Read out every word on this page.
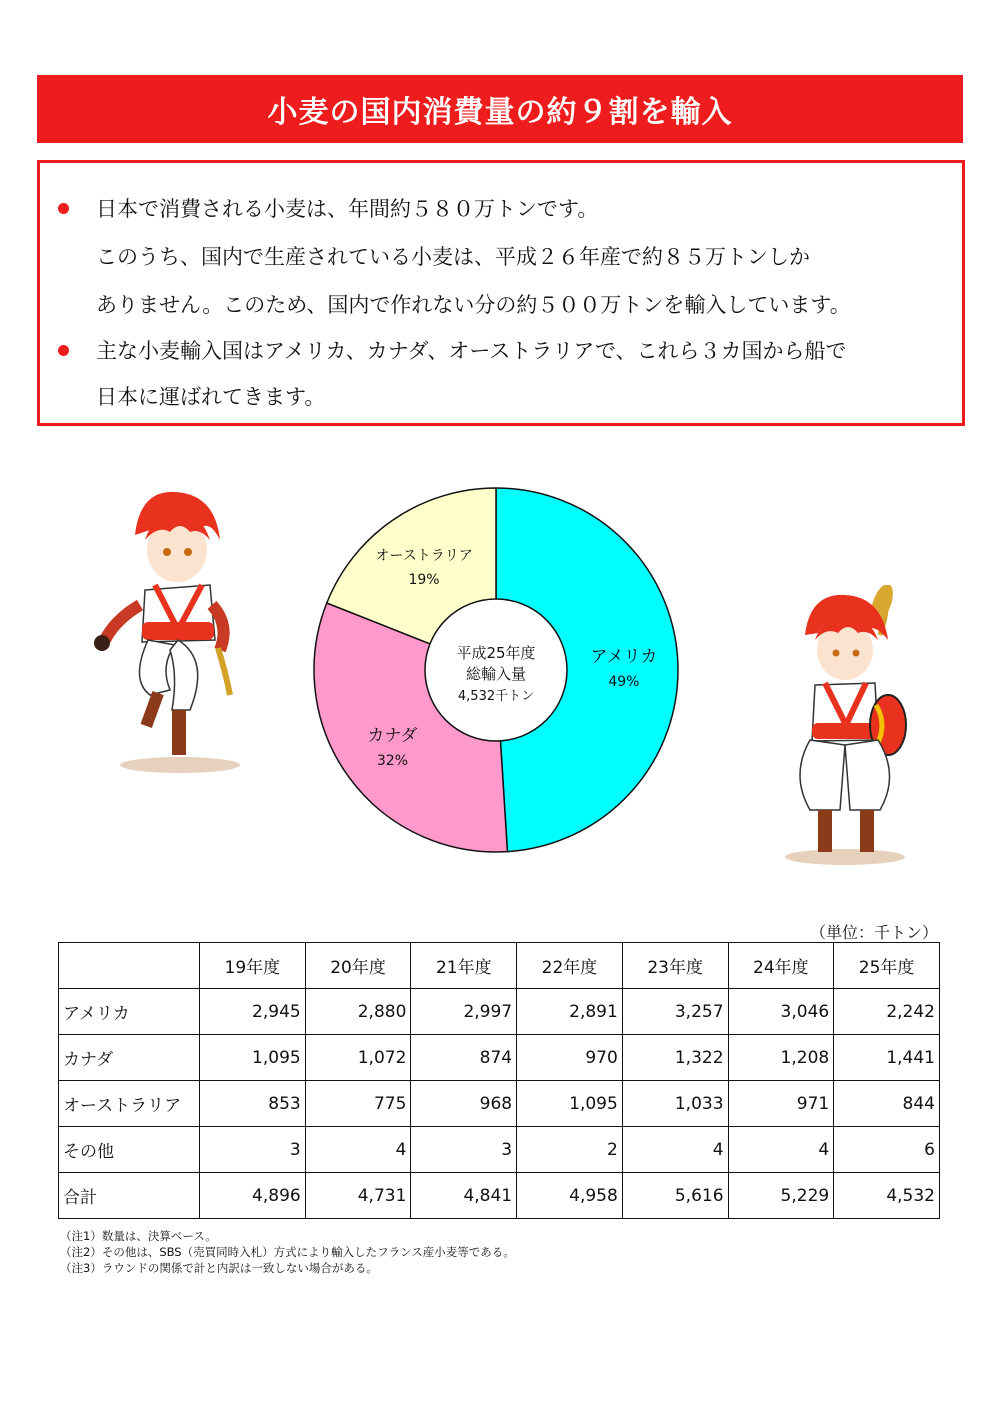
小麦の国内消費量の約９割を輸入
日本で消費される小麦は、年間約５８０万トンです。
このうち、国内で生産されている小麦は、平成２６年産で約８５万トンしか
ありません。このため、国内で作れない分の約５００万トンを輸入しています。
主な小麦輸入国はアメリカ、カナダ、オーストラリアで、これら３カ国から船で
日本に運ばれてきます。
アメリカ
49%
カナダ
32%
オーストラリア
19%
平成25年度
総輸入量
4,532千トン
（単位：千トン）
	19年度	20年度	21年度	22年度	23年度	24年度	25年度
アメリカ	2,945	2,880	2,997	2,891	3,257	3,046	2,242
カナダ	1,095	1,072	874	970	1,322	1,208	1,441
オーストラリア	853	775	968	1,095	1,033	971	844
その他	3	4	3	2	4	4	6
合計	4,896	4,731	4,841	4,958	5,616	5,229	4,532
（注1）数量は、決算ベース。
（注2）その他は、SBS（売買同時入札）方式により輸入したフランス産小麦等である。
（注3）ラウンドの関係で計と内訳は一致しない場合がある。
